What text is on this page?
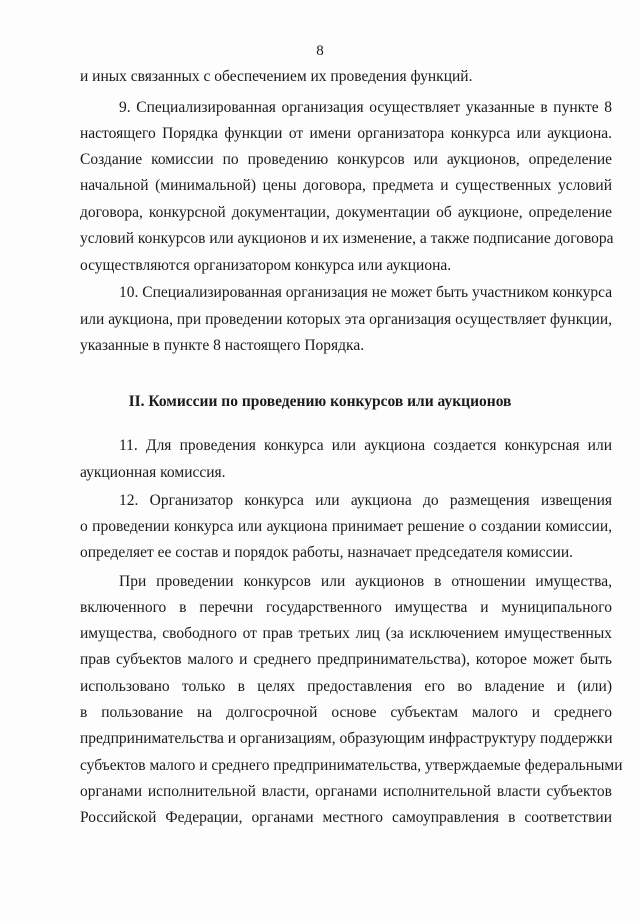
8
и иных связанных с обеспечением их проведения функций.
9. Специализированная организация осуществляет указанные в пункте 8
настоящего Порядка функции от имени организатора конкурса или аукциона.
Создание комиссии по проведению конкурсов или аукционов, определение
начальной (минимальной) цены договора, предмета и существенных условий
договора, конкурсной документации, документации об аукционе, определение
условий конкурсов или аукционов и их изменение, а также подписание договора
осуществляются организатором конкурса или аукциона.
10. Специализированная организация не может быть участником конкурса
или аукциона, при проведении которых эта организация осуществляет функции,
указанные в пункте 8 настоящего Порядка.
II. Комиссии по проведению конкурсов или аукционов
11. Для проведения конкурса или аукциона создается конкурсная или
аукционная комиссия.
12. Организатор конкурса или аукциона до размещения извещения
о проведении конкурса или аукциона принимает решение о создании комиссии,
определяет ее состав и порядок работы, назначает председателя комиссии.
При проведении конкурсов или аукционов в отношении имущества,
включенного в перечни государственного имущества и муниципального
имущества, свободного от прав третьих лиц (за исключением имущественных
прав субъектов малого и среднего предпринимательства), которое может быть
использовано только в целях предоставления его во владение и (или)
в пользование на долгосрочной основе субъектам малого и среднего
предпринимательства и организациям, образующим инфраструктуру поддержки
субъектов малого и среднего предпринимательства, утверждаемые федеральными
органами исполнительной власти, органами исполнительной власти субъектов
Российской Федерации, органами местного самоуправления в соответствии
